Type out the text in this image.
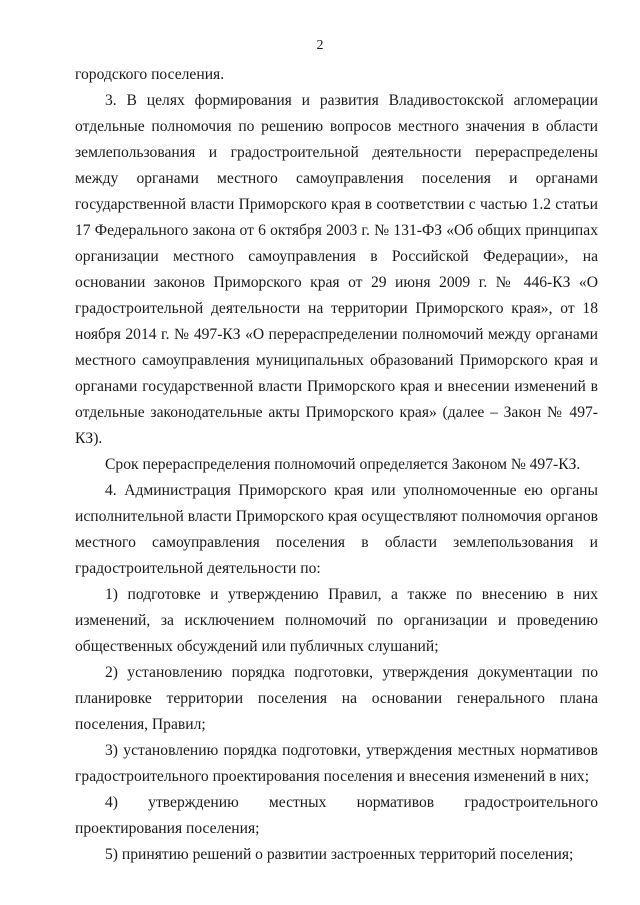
2

городского поселения.

3. В целях формирования и развития Владивостокской агломерации отдельные полномочия по решению вопросов местного значения в области землепользования и градостроительной деятельности перераспределены между органами местного самоуправления поселения и органами государственной власти Приморского края в соответствии с частью 1.2 статьи 17 Федерального закона от 6 октября 2003 г. № 131-ФЗ «Об общих принципах организации местного самоуправления в Российской Федерации», на основании законов Приморского края от 29 июня 2009 г. № 446-КЗ «О градостроительной деятельности на территории Приморского края», от 18 ноября 2014 г. № 497-КЗ «О перераспределении полномочий между органами местного самоуправления муниципальных образований Приморского края и органами государственной власти Приморского края и внесении изменений в отдельные законодательные акты Приморского края» (далее – Закон № 497-КЗ).

Срок перераспределения полномочий определяется Законом № 497-КЗ.

4. Администрация Приморского края или уполномоченные ею органы исполнительной власти Приморского края осуществляют полномочия органов местного самоуправления поселения в области землепользования и градостроительной деятельности по:

1) подготовке и утверждению Правил, а также по внесению в них изменений, за исключением полномочий по организации и проведению общественных обсуждений или публичных слушаний;

2) установлению порядка подготовки, утверждения документации по планировке территории поселения на основании генерального плана поселения, Правил;

3) установлению порядка подготовки, утверждения местных нормативов градостроительного проектирования поселения и внесения изменений в них;

4) утверждению местных нормативов градостроительного проектирования поселения;

5) принятию решений о развитии застроенных территорий поселения;
